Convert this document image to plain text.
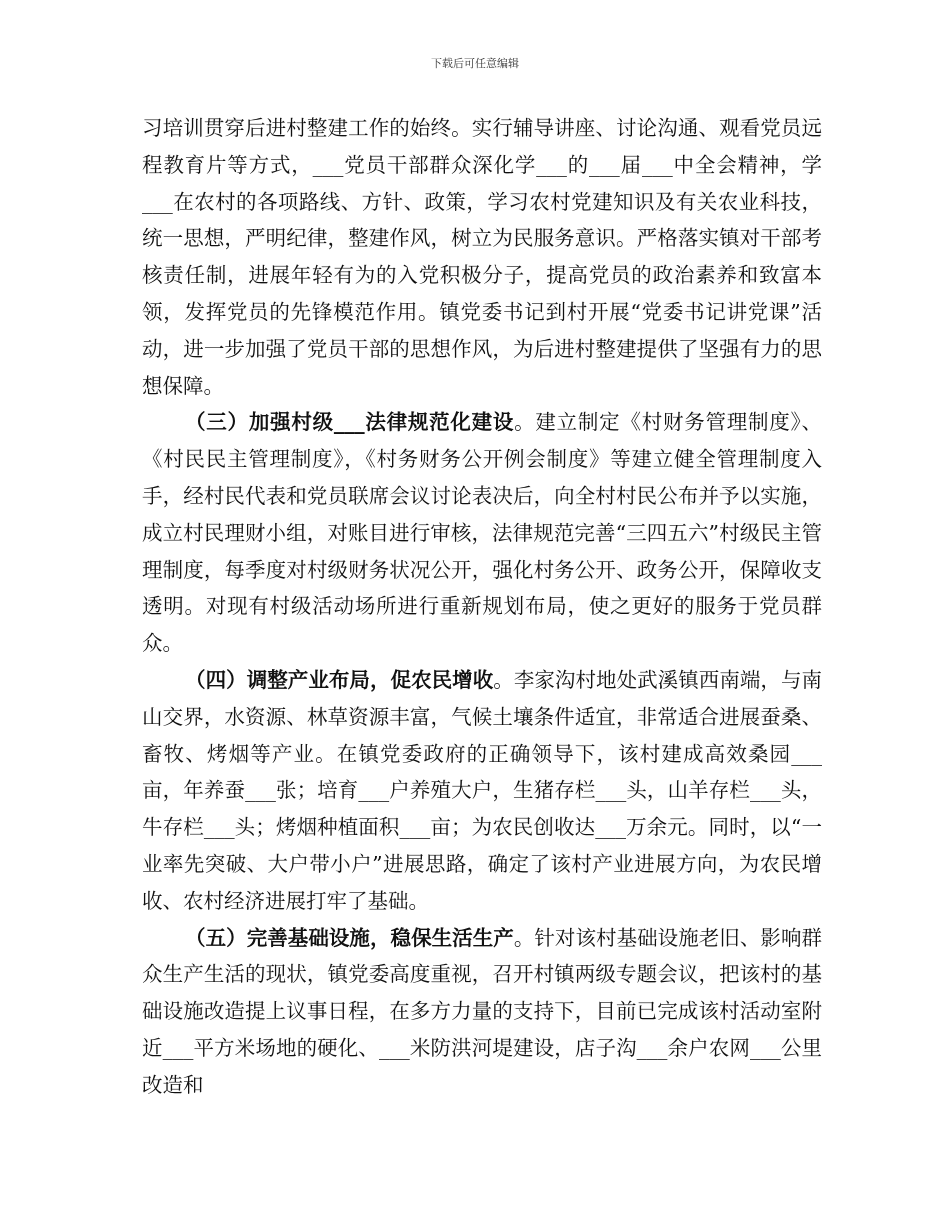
下载后可任意编辑

习培训贯穿后进村整建工作的始终。实行辅导讲座、讨论沟通、观看党员远程教育片等方式，___党员干部群众深化学___的___届___中全会精神，学___在农村的各项路线、方针、政策，学习农村党建知识及有关农业科技，统一思想，严明纪律，整建作风，树立为民服务意识。严格落实镇对干部考核责任制，进展年轻有为的入党积极分子，提高党员的政治素养和致富本领，发挥党员的先锋模范作用。镇党委书记到村开展“党委书记讲党课”活动，进一步加强了党员干部的思想作风，为后进村整建提供了坚强有力的思想保障。

（三）加强村级___法律规范化建设。建立制定《村财务管理制度》、《村民民主管理制度》，《村务财务公开例会制度》等建立健全管理制度入手，经村民代表和党员联席会议讨论表决后，向全村村民公布并予以实施，成立村民理财小组，对账目进行审核，法律规范完善“三四五六”村级民主管理制度，每季度对村级财务状况公开，强化村务公开、政务公开，保障收支透明。对现有村级活动场所进行重新规划布局，使之更好的服务于党员群众。

（四）调整产业布局，促农民增收。李家沟村地处武溪镇西南端，与南山交界，水资源、林草资源丰富，气候土壤条件适宜，非常适合进展蚕桑、畜牧、烤烟等产业。在镇党委政府的正确领导下，该村建成高效桑园___亩，年养蚕___张；培育___户养殖大户，生猪存栏___头，山羊存栏___头，牛存栏___头；烤烟种植面积___亩；为农民创收达___万余元。同时，以“一业率先突破、大户带小户”进展思路，确定了该村产业进展方向，为农民增收、农村经济进展打牢了基础。

（五）完善基础设施，稳保生活生产。针对该村基础设施老旧、影响群众生产生活的现状，镇党委高度重视，召开村镇两级专题会议，把该村的基础设施改造提上议事日程，在多方力量的支持下，目前已完成该村活动室附近___平方米场地的硬化、___米防洪河堤建设，店子沟___余户农网___公里改造和
